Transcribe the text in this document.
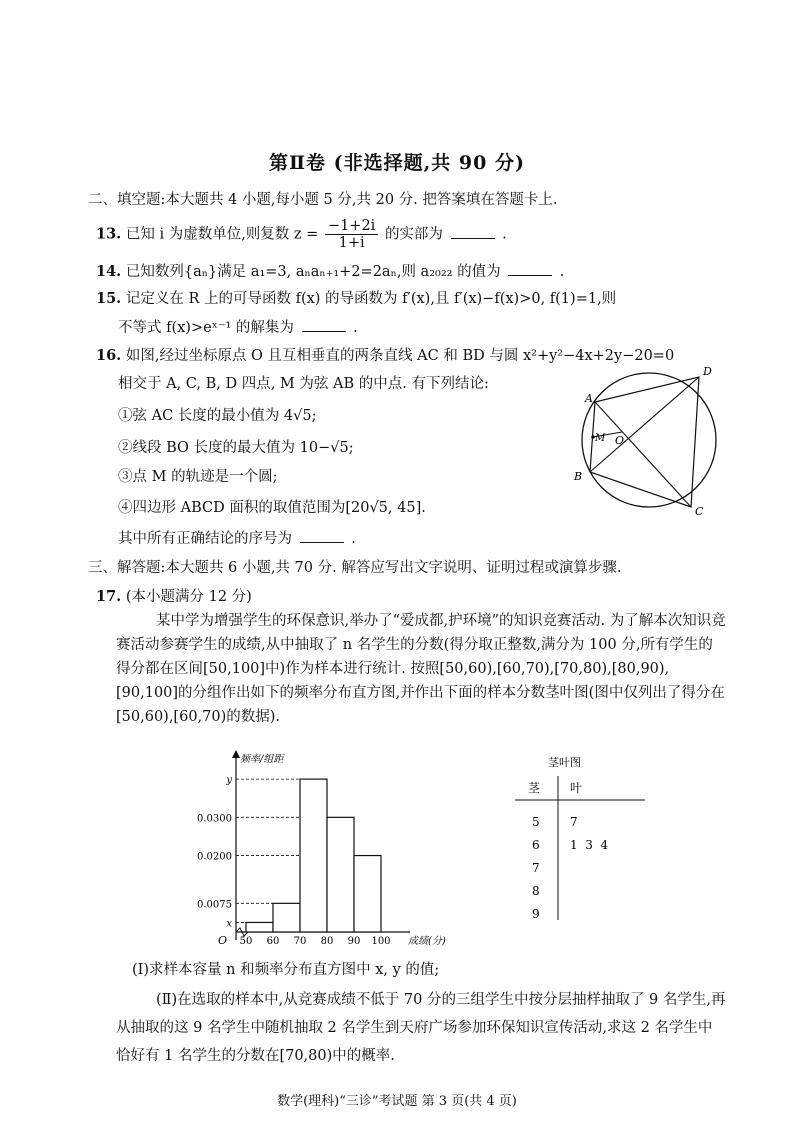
第Ⅱ卷 (非选择题,共 90 分)
二、填空题:本大题共 4 小题,每小题 5 分,共 20 分. 把答案填在答题卡上.
13. 已知 i 为虚数单位,则复数 $z = \frac{-1+2i}{1+i}$ 的实部为	.
14. 已知数列{aₙ}满足 a₁=3, aₙaₙ₊₁+2=2aₙ,则 a₂₀₂₂ 的值为	.
15. 记定义在 R 上的可导函数 f(x) 的导函数为 f′(x),且 f′(x)−f(x)>0, f(1)=1,则
不等式 f(x)>eˣ⁻¹ 的解集为	.
16. 如图,经过坐标原点 O 且互相垂直的两条直线 AC 和 BD 与圆 x²+y²−4x+2y−20=0
相交于 A, C, B, D 四点, M 为弦 AB 的中点. 有下列结论:
①弦 AC 长度的最小值为 4√5;
②线段 BO 长度的最大值为 10−√5;
③点 M 的轨迹是一个圆;
④四边形 ABCD 面积的取值范围为[20√5, 45].
其中所有正确结论的序号为	.
A
B
C
D
M O
三、解答题:本大题共 6 小题,共 70 分. 解答应写出文字说明、证明过程或演算步骤.
17. (本小题满分 12 分)
某中学为增强学生的环保意识,举办了“爱成都,护环境”的知识竞赛活动. 为了解本次知识竞赛活动参赛学生的成绩,从中抽取了 n 名学生的分数(得分取正整数,满分为 100 分,所有学生的得分都在区间[50,100]中)作为样本进行统计. 按照[50,60),[60,70),[70,80),[80,90),[90,100]的分组作出如下的频率分布直方图,并作出下面的样本分数茎叶图(图中仅列出了得分在[50,60),[60,70)的数据).
频率/组距
成绩(分)
O
y
0.0300
0.0200
0.0075
x
50 60 70 80 90 100
茎叶图
茎 叶
5	7
6	1  3  4
7
8
9
(Ⅰ)求样本容量 n 和频率分布直方图中 x, y 的值;
(Ⅱ)在选取的样本中,从竞赛成绩不低于 70 分的三组学生中按分层抽样抽取了 9 名学生,再从抽取的这 9 名学生中随机抽取 2 名学生到天府广场参加环保知识宣传活动,求这 2 名学生中恰好有 1 名学生的分数在[70,80)中的概率.
数学(理科)“三诊”考试题 第 3 页(共 4 页)
